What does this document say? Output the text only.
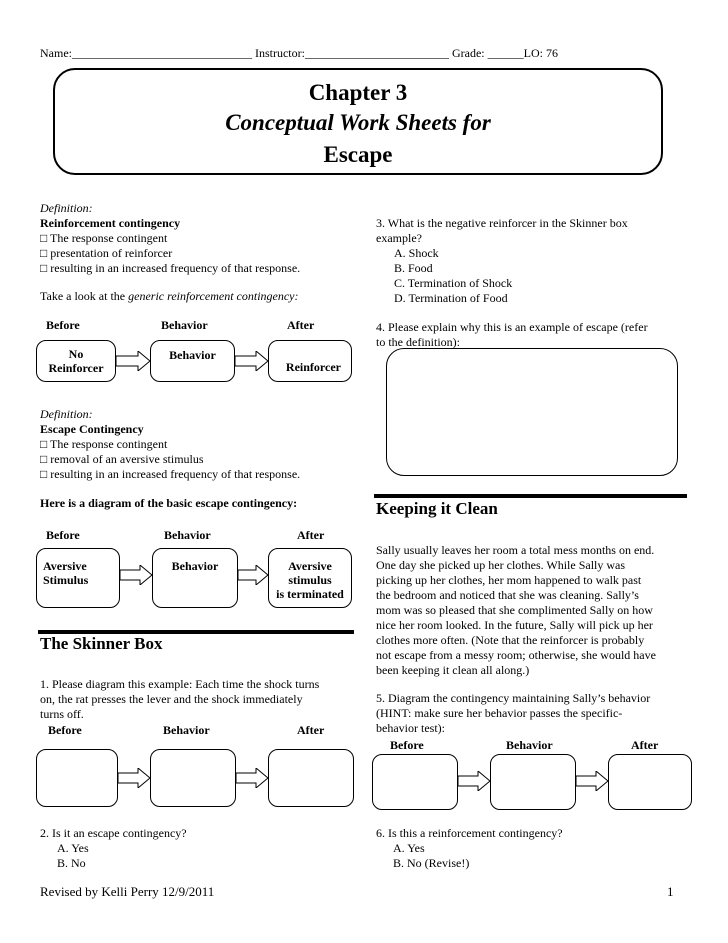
Name:______________________________ Instructor:________________________ Grade: ______LO: 76
Chapter 3
Conceptual Work Sheets for
Escape
Definition:
Reinforcement contingency
□ The response contingent
□ presentation of reinforcer
□ resulting in an increased frequency of that response.
Take a look at the generic reinforcement contingency:
Before	Behavior	After
No
Reinforcer
Behavior
Reinforcer
Definition:
Escape Contingency
□ The response contingent
□ removal of an aversive stimulus
□ resulting in an increased frequency of that response.
Here is a diagram of the basic escape contingency:
Before	Behavior	After
Aversive
Stimulus
Behavior	Aversive
stimulus
is terminated
The Skinner Box
1. Please diagram this example: Each time the shock turns
on, the rat presses the lever and the shock immediately
turns off.
Before	Behavior	After
2. Is it an escape contingency?
A. Yes
B. No
3. What is the negative reinforcer in the Skinner box
example?
A. Shock
B. Food
C. Termination of Shock
D. Termination of Food
4. Please explain why this is an example of escape (refer
to the definition):
Keeping it Clean
Sally usually leaves her room a total mess months on end.
One day she picked up her clothes. While Sally was
picking up her clothes, her mom happened to walk past
the bedroom and noticed that she was cleaning. Sally’s
mom was so pleased that she complimented Sally on how
nice her room looked. In the future, Sally will pick up her
clothes more often. (Note that the reinforcer is probably
not escape from a messy room; otherwise, she would have
been keeping it clean all along.)
5. Diagram the contingency maintaining Sally’s behavior
(HINT: make sure her behavior passes the specific-
behavior test):
Before	Behavior	After
6. Is this a reinforcement contingency?
A. Yes
B. No (Revise!)
Revised by Kelli Perry 12/9/2011	1
